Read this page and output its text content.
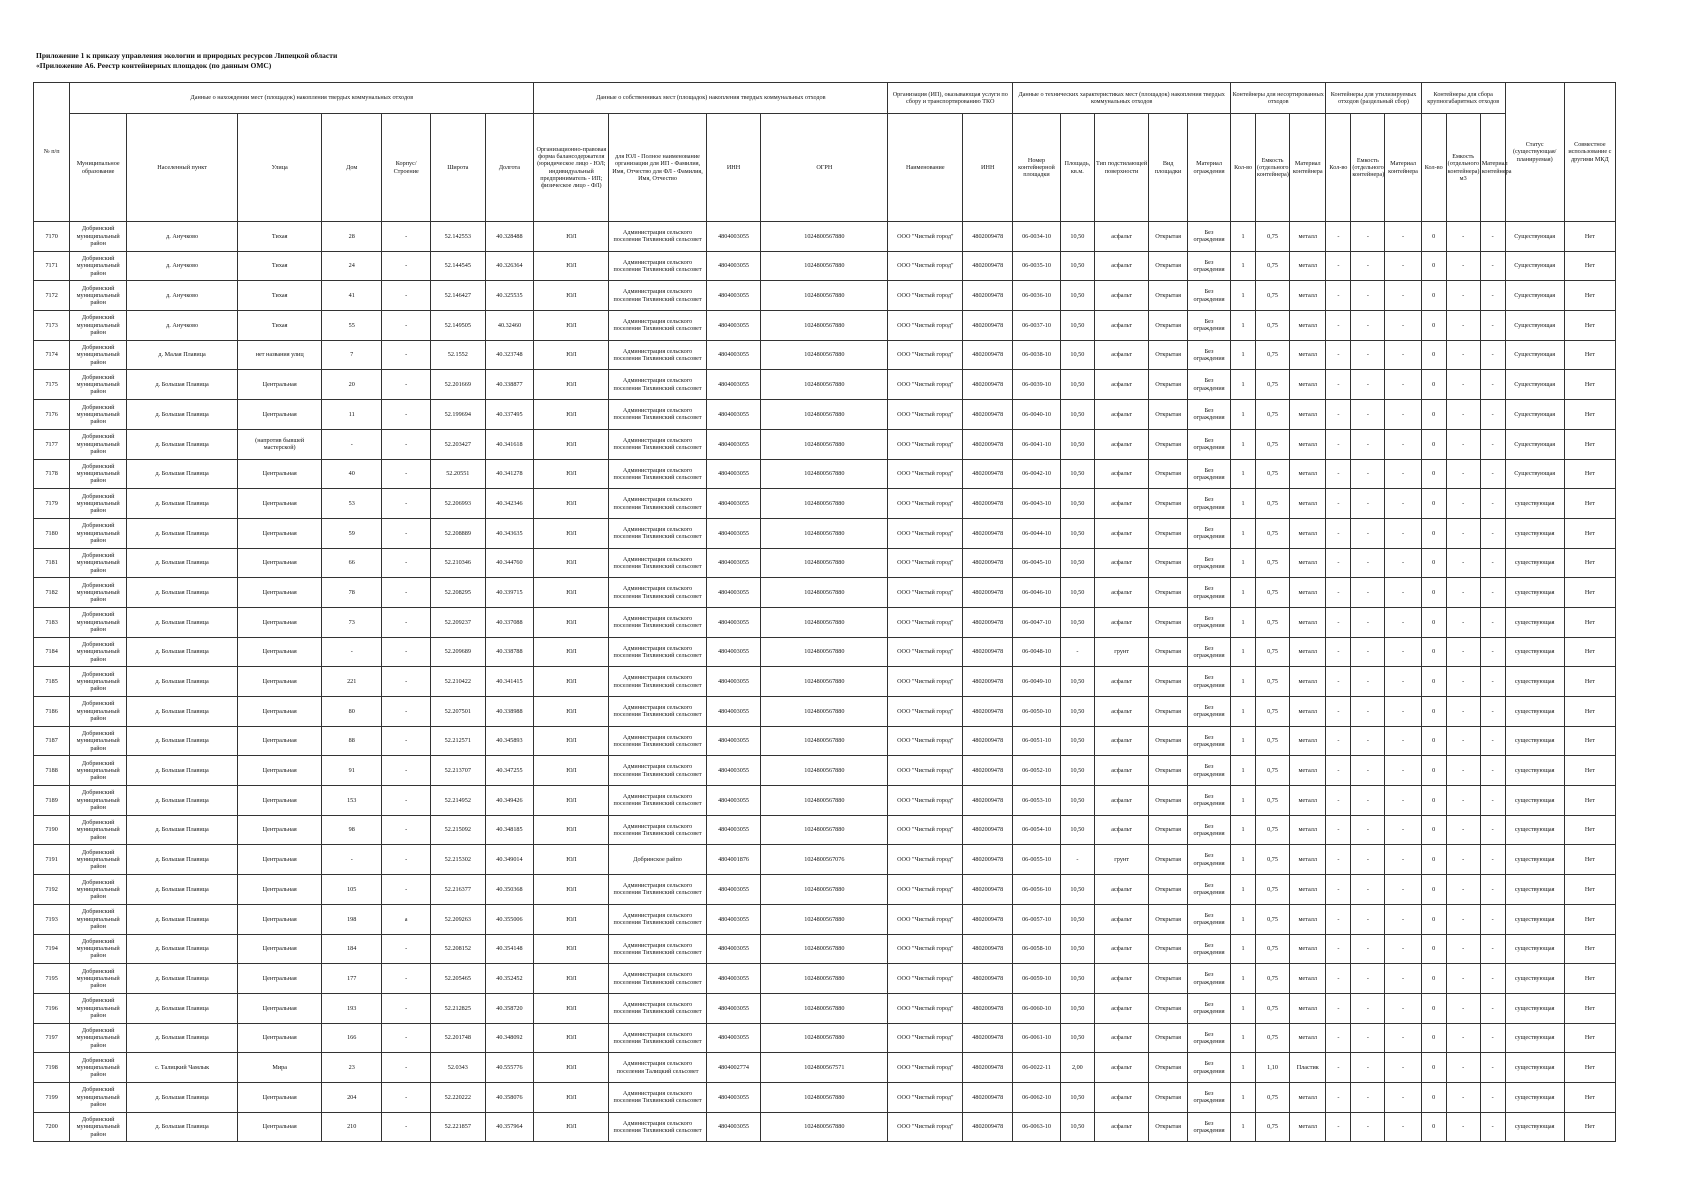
Приложение 1 к приказу управления экологии и природных ресурсов Липецкой области
«Приложение А6. Реестр контейнерных площадок (по данным ОМС)
№ п/п	Данные о нахождении мест (площадок) накопления твердых коммунальных отходов							Данные о собственниках мест (площадок) накопления твердых коммунальных отходов				Организация (ИП), оказывающая услуги по сбору и транспортированию ТКО		Данные о технических характеристиках мест (площадок) накопления твердых коммунальных отходов					Контейнеры для несортированных отходов			Контейнеры для утилизируемых отходов (раздельный сбор)			Контейнеры для сбора крупногабаритных отходов			Статус (существующая/ планируемая)	Совместное использование с другими МКД
	Муниципальное образование	Населенный пункт	Улица	Дом	Корпус/Строение	Широта	Долгота	Организационно-правовая форма балансодержателя (юридическое лицо - ЮЛ; индивидуальный предприниматель - ИП; физическое лицо - ФЛ)	для ЮЛ - Полное наименование организации для ИП - Фамилия, Имя, Отчество для ФЛ - Фамилия, Имя, Отчество	ИНН	ОГРН	Наименование	ИНН	Номер контейнерной площадки	Площадь, кв.м.	Тип подстилающей поверхности	Вид площадки	Материал ограждения	Кол-во	Емкость (отдельного контейнера)	Материал контейнера	Кол-во	Емкость (отдельного контейнера)	Материал контейнера	Кол-во	Емкость (отдельного контейнера) м3	Материал контейнера		
7170	Добринский муниципальный район	д. Анучково	Тихая	28	-	52.142553	40.328488	ЮЛ	Администрация сельского поселения Тихвинский сельсовет	4804003055	1024800567880	ООО "Чистый город"	4802009478	06-0034-10	10,50	асфальт	Открытая	Без ограждения	1	0,75	металл	-	-	-	0	-	-	Существующая	Нет
7171	Добринский муниципальный район	д. Анучково	Тихая	24	-	52.144545	40.326364	ЮЛ	Администрация сельского поселения Тихвинский сельсовет	4804003055	1024800567880	ООО "Чистый город"	4802009478	06-0035-10	10,50	асфальт	Открытая	Без ограждения	1	0,75	металл	-	-	-	0	-	-	Существующая	Нет
7172	Добринский муниципальный район	д. Анучково	Тихая	41	-	52.146427	40.325535	ЮЛ	Администрация сельского поселения Тихвинский сельсовет	4804003055	1024800567880	ООО "Чистый город"	4802009478	06-0036-10	10,50	асфальт	Открытая	Без ограждения	1	0,75	металл	-	-	-	0	-	-	Существующая	Нет
7173	Добринский муниципальный район	д. Анучково	Тихая	55	-	52.149505	40.32460	ЮЛ	Администрация сельского поселения Тихвинский сельсовет	4804003055	1024800567880	ООО "Чистый город"	4802009478	06-0037-10	10,50	асфальт	Открытая	Без ограждения	1	0,75	металл	-	-	-	0	-	-	Существующая	Нет
7174	Добринский муниципальный район	д. Малая Плавица	нет названия улиц	7	-	52.1552	40.323748	ЮЛ	Администрация сельского поселения Тихвинский сельсовет	4804003055	1024800567880	ООО "Чистый город"	4802009478	06-0038-10	10,50	асфальт	Открытая	Без ограждения	1	0,75	металл	-	-	-	0	-	-	Существующая	Нет
7175	Добринский муниципальный район	д. Большая Плавица	Центральная	20	-	52.201669	40.338877	ЮЛ	Администрация сельского поселения Тихвинский сельсовет	4804003055	1024800567880	ООО "Чистый город"	4802009478	06-0039-10	10,50	асфальт	Открытая	Без ограждения	1	0,75	металл	-	-	-	0	-	-	Существующая	Нет
7176	Добринский муниципальный район	д. Большая Плавица	Центральная	11	-	52.199694	40.337495	ЮЛ	Администрация сельского поселения Тихвинский сельсовет	4804003055	1024800567880	ООО "Чистый город"	4802009478	06-0040-10	10,50	асфальт	Открытая	Без ограждения	1	0,75	металл	-	-	-	0	-	-	Существующая	Нет
7177	Добринский муниципальный район	д. Большая Плавица	(напротив бывшей мастерской)	-	-	52.203427	40.341618	ЮЛ	Администрация сельского поселения Тихвинский сельсовет	4804003055	1024800567880	ООО "Чистый город"	4802009478	06-0041-10	10,50	асфальт	Открытая	Без ограждения	1	0,75	металл	-	-	-	0	-	-	Существующая	Нет
7178	Добринский муниципальный район	д. Большая Плавица	Центральная	40	-	52.20551	40.341278	ЮЛ	Администрация сельского поселения Тихвинский сельсовет	4804003055	1024800567880	ООО "Чистый город"	4802009478	06-0042-10	10,50	асфальт	Открытая	Без ограждения	1	0,75	металл	-	-	-	0	-	-	Существующая	Нет
7179	Добринский муниципальный район	д. Большая Плавица	Центральная	53	-	52.206993	40.342346	ЮЛ	Администрация сельского поселения Тихвинский сельсовет	4804003055	1024800567880	ООО "Чистый город"	4802009478	06-0043-10	10,50	асфальт	Открытая	Без ограждения	1	0,75	металл	-	-	-	0	-	-	существующая	Нет
7180	Добринский муниципальный район	д. Большая Плавица	Центральная	59	-	52.208889	40.343635	ЮЛ	Администрация сельского поселения Тихвинский сельсовет	4804003055	1024800567880	ООО "Чистый город"	4802009478	06-0044-10	10,50	асфальт	Открытая	Без ограждения	1	0,75	металл	-	-	-	0	-	-	существующая	Нет
7181	Добринский муниципальный район	д. Большая Плавица	Центральная	66	-	52.210346	40.344760	ЮЛ	Администрация сельского поселения Тихвинский сельсовет	4804003055	1024800567880	ООО "Чистый город"	4802009478	06-0045-10	10,50	асфальт	Открытая	Без ограждения	1	0,75	металл	-	-	-	0	-	-	существующая	Нет
7182	Добринский муниципальный район	д. Большая Плавица	Центральная	78	-	52.208295	40.339715	ЮЛ	Администрация сельского поселения Тихвинский сельсовет	4804003055	1024800567880	ООО "Чистый город"	4802009478	06-0046-10	10,50	асфальт	Открытая	Без ограждения	1	0,75	металл	-	-	-	0	-	-	существующая	Нет
7183	Добринский муниципальный район	д. Большая Плавица	Центральная	73	-	52.209237	40.337088	ЮЛ	Администрация сельского поселения Тихвинский сельсовет	4804003055	1024800567880	ООО "Чистый город"	4802009478	06-0047-10	10,50	асфальт	Открытая	Без ограждения	1	0,75	металл	-	-	-	0	-	-	существующая	Нет
7184	Добринский муниципальный район	д. Большая Плавица	Центральная	-	-	52.209689	40.338788	ЮЛ	Администрация сельского поселения Тихвинский сельсовет	4804003055	1024800567880	ООО "Чистый город"	4802009478	06-0048-10	-	грунт	Открытая	Без ограждения	1	0,75	металл	-	-	-	0	-	-	существующая	Нет
7185	Добринский муниципальный район	д. Большая Плавица	Центральная	221	-	52.210422	40.341415	ЮЛ	Администрация сельского поселения Тихвинский сельсовет	4804003055	1024800567880	ООО "Чистый город"	4802009478	06-0049-10	10,50	асфальт	Открытая	Без ограждения	1	0,75	металл	-	-	-	0	-	-	существующая	Нет
7186	Добринский муниципальный район	д. Большая Плавица	Центральная	80	-	52.207501	40.338988	ЮЛ	Администрация сельского поселения Тихвинский сельсовет	4804003055	1024800567880	ООО "Чистый город"	4802009478	06-0050-10	10,50	асфальт	Открытая	Без ограждения	1	0,75	металл	-	-	-	0	-	-	существующая	Нет
7187	Добринский муниципальный район	д. Большая Плавица	Центральная	88	-	52.212571	40.345893	ЮЛ	Администрация сельского поселения Тихвинский сельсовет	4804003055	1024800567880	ООО "Чистый город"	4802009478	06-0051-10	10,50	асфальт	Открытая	Без ограждения	1	0,75	металл	-	-	-	0	-	-	существующая	Нет
7188	Добринский муниципальный район	д. Большая Плавица	Центральная	91	-	52.213707	40.347255	ЮЛ	Администрация сельского поселения Тихвинский сельсовет	4804003055	1024800567880	ООО "Чистый город"	4802009478	06-0052-10	10,50	асфальт	Открытая	Без ограждения	1	0,75	металл	-	-	-	0	-	-	существующая	Нет
7189	Добринский муниципальный район	д. Большая Плавица	Центральная	153	-	52.214952	40.349426	ЮЛ	Администрация сельского поселения Тихвинский сельсовет	4804003055	1024800567880	ООО "Чистый город"	4802009478	06-0053-10	10,50	асфальт	Открытая	Без ограждения	1	0,75	металл	-	-	-	0	-	-	существующая	Нет
7190	Добринский муниципальный район	д. Большая Плавица	Центральная	98	-	52.215092	40.348185	ЮЛ	Администрация сельского поселения Тихвинский сельсовет	4804003055	1024800567880	ООО "Чистый город"	4802009478	06-0054-10	10,50	асфальт	Открытая	Без ограждения	1	0,75	металл	-	-	-	0	-	-	существующая	Нет
7191	Добринский муниципальный район	д. Большая Плавица	Центральная	-	-	52.215302	40.349014	ЮЛ	Добринское райпо	4804001876	1024800567076	ООО "Чистый город"	4802009478	06-0055-10	-	грунт	Открытая	Без ограждения	1	0,75	металл	-	-	-	0	-	-	существующая	Нет
7192	Добринский муниципальный район	д. Большая Плавица	Центральная	105	-	52.216377	40.350368	ЮЛ	Администрация сельского поселения Тихвинский сельсовет	4804003055	1024800567880	ООО "Чистый город"	4802009478	06-0056-10	10,50	асфальт	Открытая	Без ограждения	1	0,75	металл	-	-	-	0	-	-	существующая	Нет
7193	Добринский муниципальный район	д. Большая Плавица	Центральная	198	а	52.209263	40.355006	ЮЛ	Администрация сельского поселения Тихвинский сельсовет	4804003055	1024800567880	ООО "Чистый город"	4802009478	06-0057-10	10,50	асфальт	Открытая	Без ограждения	1	0,75	металл	-	-	-	0	-	-	существующая	Нет
7194	Добринский муниципальный район	д. Большая Плавица	Центральная	184	-	52.208152	40.354148	ЮЛ	Администрация сельского поселения Тихвинский сельсовет	4804003055	1024800567880	ООО "Чистый город"	4802009478	06-0058-10	10,50	асфальт	Открытая	Без ограждения	1	0,75	металл	-	-	-	0	-	-	существующая	Нет
7195	Добринский муниципальный район	д. Большая Плавица	Центральная	177	-	52.205465	40.352452	ЮЛ	Администрация сельского поселения Тихвинский сельсовет	4804003055	1024800567880	ООО "Чистый город"	4802009478	06-0059-10	10,50	асфальт	Открытая	Без ограждения	1	0,75	металл	-	-	-	0	-	-	существующая	Нет
7196	Добринский муниципальный район	д. Большая Плавица	Центральная	193	-	52.212825	40.358720	ЮЛ	Администрация сельского поселения Тихвинский сельсовет	4804003055	1024800567880	ООО "Чистый город"	4802009478	06-0060-10	10,50	асфальт	Открытая	Без ограждения	1	0,75	металл	-	-	-	0	-	-	существующая	Нет
7197	Добринский муниципальный район	д. Большая Плавица	Центральная	166	-	52.201748	40.348092	ЮЛ	Администрация сельского поселения Тихвинский сельсовет	4804003055	1024800567880	ООО "Чистый город"	4802009478	06-0061-10	10,50	асфальт	Открытая	Без ограждения	1	0,75	металл	-	-	-	0	-	-	существующая	Нет
7198	Добринский муниципальный район	с. Талицкий Чамлык	Мира	23	-	52.0343	40.555776	ЮЛ	Администрация сельского поселения Талицкий сельсовет	4804002774	1024800567571	ООО "Чистый город"	4802009478	06-0022-11	2,00	асфальт	Открытая	Без ограждения	1	1,10	Пластик	-	-	-	0	-	-	существующая	Нет
7199	Добринский муниципальный район	д. Большая Плавица	Центральная	204	-	52.220222	40.358076	ЮЛ	Администрация сельского поселения Тихвинский сельсовет	4804003055	1024800567880	ООО "Чистый город"	4802009478	06-0062-10	10,50	асфальт	Открытая	Без ограждения	1	0,75	металл	-	-	-	0	-	-	существующая	Нет
7200	Добринский муниципальный район	д. Большая Плавица	Центральная	210	-	52.221857	40.357964	ЮЛ	Администрация сельского поселения Тихвинский сельсовет	4804003055	1024800567880	ООО "Чистый город"	4802009478	06-0063-10	10,50	асфальт	Открытая	Без ограждения	1	0,75	металл	-	-	-	0	-	-	существующая	Нет
